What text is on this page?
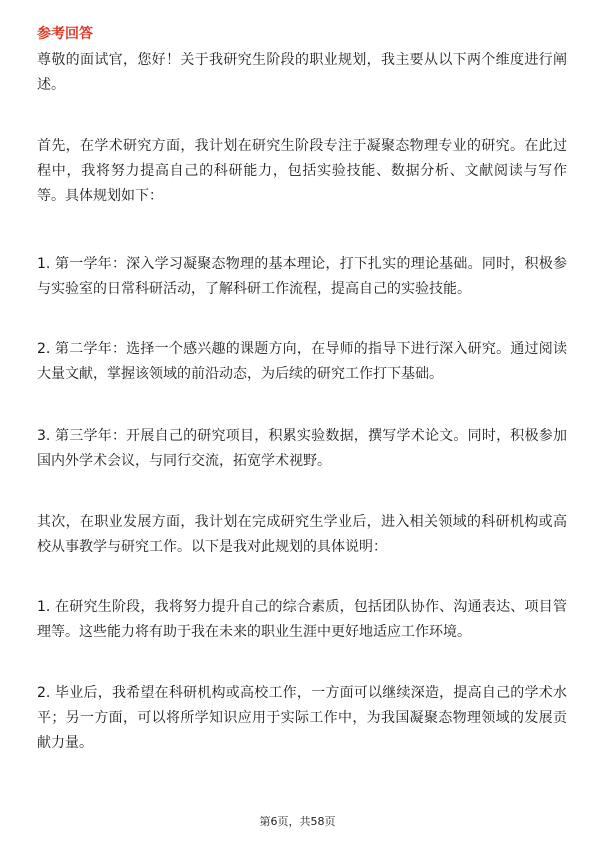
参考回答

尊敬的面试官，您好！关于我研究生阶段的职业规划，我主要从以下两个维度进行阐述。

首先，在学术研究方面，我计划在研究生阶段专注于凝聚态物理专业的研究。在此过程中，我将努力提高自己的科研能力，包括实验技能、数据分析、文献阅读与写作等。具体规划如下：

1. 第一学年：深入学习凝聚态物理的基本理论，打下扎实的理论基础。同时，积极参与实验室的日常科研活动，了解科研工作流程，提高自己的实验技能。

2. 第二学年：选择一个感兴趣的课题方向，在导师的指导下进行深入研究。通过阅读大量文献，掌握该领域的前沿动态，为后续的研究工作打下基础。

3. 第三学年：开展自己的研究项目，积累实验数据，撰写学术论文。同时，积极参加国内外学术会议，与同行交流，拓宽学术视野。

其次，在职业发展方面，我计划在完成研究生学业后，进入相关领域的科研机构或高校从事教学与研究工作。以下是我对此规划的具体说明：

1. 在研究生阶段，我将努力提升自己的综合素质，包括团队协作、沟通表达、项目管理等。这些能力将有助于我在未来的职业生涯中更好地适应工作环境。

2. 毕业后，我希望在科研机构或高校工作，一方面可以继续深造，提高自己的学术水平；另一方面，可以将所学知识应用于实际工作中，为我国凝聚态物理领域的发展贡献力量。

第6页，共58页
